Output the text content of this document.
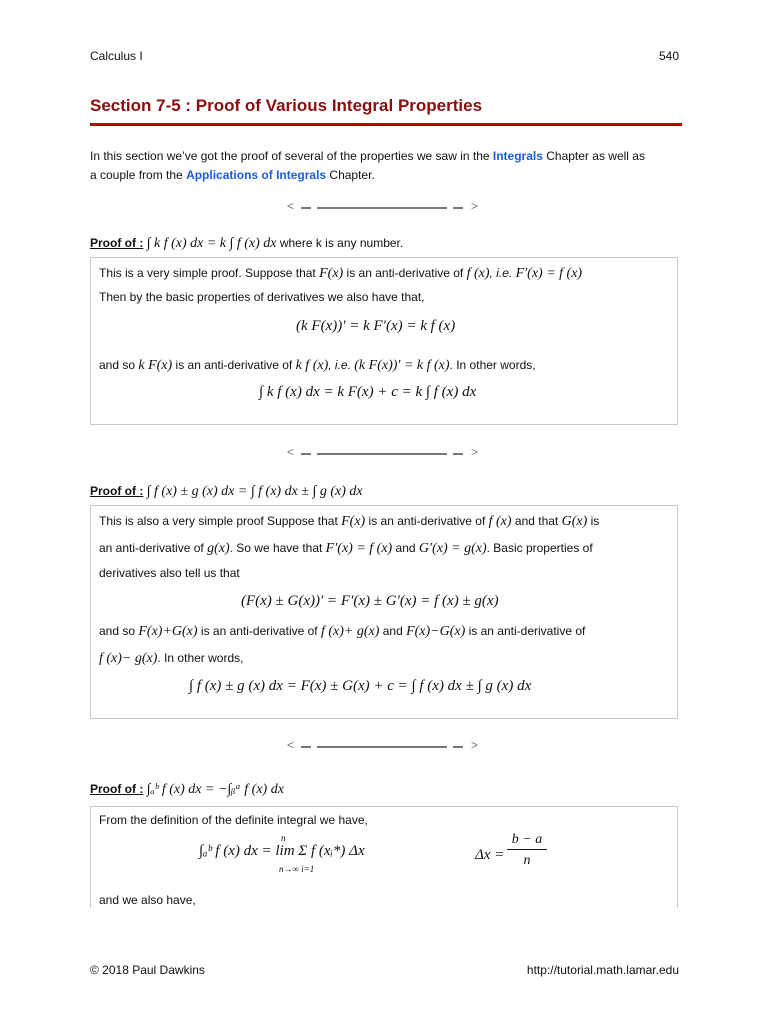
Calculus I	540
Section 7-5 : Proof of Various Integral Properties
In this section we’ve got the proof of several of the properties we saw in the Integrals Chapter as well as
a couple from the Applications of Integrals Chapter.
<	>
Proof of : ∫ k f (x) dx = k ∫ f (x) dx where k is any number.
This is a very simple proof. Suppose that F(x) is an anti-derivative of f (x), i.e. F′(x) = f (x)
Then by the basic properties of derivatives we also have that,
(k F(x))′ = k F′(x) = k f (x)
and so k F(x) is an anti-derivative of k f (x), i.e. (k F(x))′ = k f (x). In other words,
∫ k f (x) dx = k F(x) + c = k ∫ f (x) dx
<	>
Proof of : ∫ f (x) ± g (x) dx = ∫ f (x) dx ± ∫ g (x) dx
This is also a very simple proof Suppose that F(x) is an anti-derivative of f (x) and that G(x) is
an anti-derivative of g(x). So we have that F′(x) = f (x) and G′(x) = g(x). Basic properties of
derivatives also tell us that
(F(x) ± G(x))′ = F′(x) ± G′(x) = f (x) ± g(x)
and so F(x)+G(x) is an anti-derivative of f (x)+ g(x) and F(x)−G(x) is an anti-derivative of
f (x)− g(x). In other words,
∫ f (x) ± g (x) dx = F(x) ± G(x) + c = ∫ f (x) dx ± ∫ g (x) dx
<	>
Proof of : ∫ₐᵇ f (x) dx = −∫ᵦᵃ f (x) dx
From the definition of the definite integral we have,
∫ₐᵇ f (x) dx = lim Σ f (xᵢ*) Δx
n
n→∞ i=1
$\Delta x = \frac{b - a}{n}$
and we also have,
© 2018 Paul Dawkins	http://tutorial.math.lamar.edu
